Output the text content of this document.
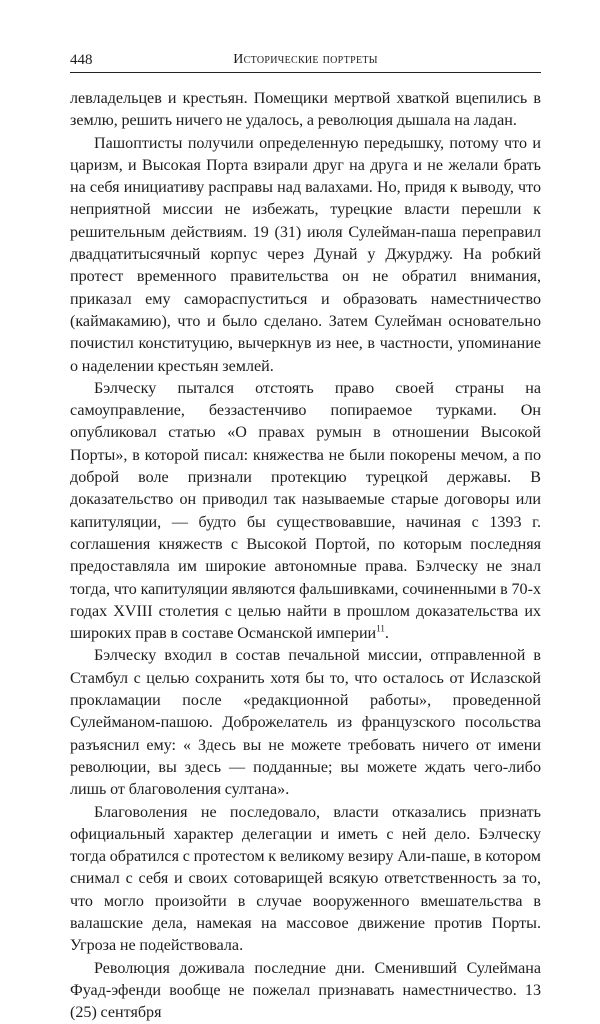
448	Исторические портреты

левладельцев и крестьян. Помещики мертвой хваткой вцепились в землю, решить ничего не удалось, а революция дышала на ладан.

Пашоптисты получили определенную передышку, потому что и царизм, и Высокая Порта взирали друг на друга и не желали брать на себя инициативу расправы над валахами. Но, придя к выводу, что неприятной миссии не избежать, турецкие власти перешли к решительным действиям. 19 (31) июля Сулейман-паша переправил двадцатитысячный корпус через Дунай у Джурджу. На робкий протест временного правительства он не обратил внимания, приказал ему самораспуститься и образовать наместничество (каймакамию), что и было сделано. Затем Сулейман основательно почистил конституцию, вычеркнув из нее, в частности, упоминание о наделении крестьян землей.

Бэлческу пытался отстоять право своей страны на самоуправление, беззастенчиво попираемое турками. Он опубликовал статью «О правах румын в отношении Высокой Порты», в которой писал: княжества не были покорены мечом, а по доброй воле признали протекцию турецкой державы. В доказательство он приводил так называемые старые договоры или капитуляции, — будто бы существовавшие, начиная с 1393 г. соглашения княжеств с Высокой Портой, по которым последняя предоставляла им широкие автономные права. Бэлческу не знал тогда, что капитуляции являются фальшивками, сочиненными в 70-х годах XVIII столетия с целью найти в прошлом доказательства их широких прав в составе Османской империи$^{11}$.

Бэлческу входил в состав печальной миссии, отправленной в Стамбул с целью сохранить хотя бы то, что осталось от Ислазской прокламации после «редакционной работы», проведенной Сулейманом-пашою. Доброжелатель из французского посольства разъяснил ему: « Здесь вы не можете требовать ничего от имени революции, вы здесь — подданные; вы можете ждать чего-либо лишь от благоволения султана».

Благоволения не последовало, власти отказались признать официальный характер делегации и иметь с ней дело. Бэлческу тогда обратился с протестом к великому везиру Али-паше, в котором снимал с себя и своих сотоварищей всякую ответственность за то, что могло произойти в случае вооруженного вмешательства в валашские дела, намекая на массовое движение против Порты. Угроза не подействовала.

Революция доживала последние дни. Сменивший Сулеймана Фуад-эфенди вообще не пожелал признавать наместничество. 13 (25) сентября
